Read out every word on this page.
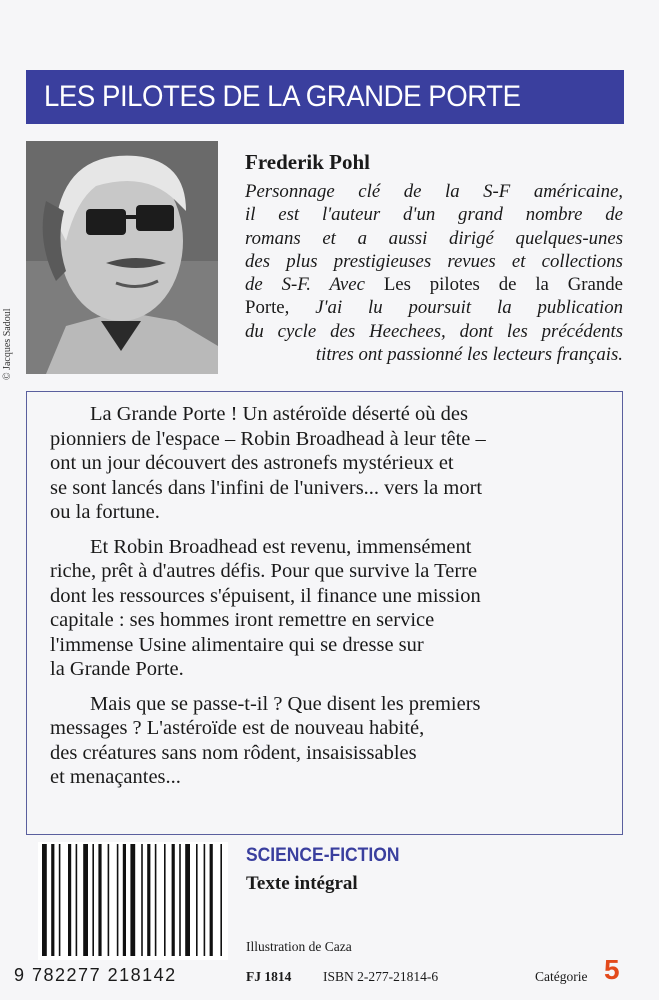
LES PILOTES DE LA GRANDE PORTE
© Jacques Sadoul
Frederik Pohl
Personnage clé de la S-F américaine,
il est l'auteur d'un grand nombre de
romans et a aussi dirigé quelques-unes
des plus prestigieuses revues et collections
de S-F. Avec Les pilotes de la Grande
Porte, J'ai lu poursuit la publication
du cycle des Heechees, dont les précédents
titres ont passionné les lecteurs français.
La Grande Porte ! Un astéroïde déserté où des
pionniers de l'espace – Robin Broadhead à leur tête –
ont un jour découvert des astronefs mystérieux et
se sont lancés dans l'infini de l'univers... vers la mort
ou la fortune.
Et Robin Broadhead est revenu, immensément
riche, prêt à d'autres défis. Pour que survive la Terre
dont les ressources s'épuisent, il finance une mission
capitale : ses hommes iront remettre en service
l'immense Usine alimentaire qui se dresse sur
la Grande Porte.
Mais que se passe-t-il ? Que disent les premiers
messages ? L'astéroïde est de nouveau habité,
des créatures sans nom rôdent, insaisissables
et menaçantes...
9 782277 218142
SCIENCE-FICTION
Texte intégral
Illustration de Caza
FJ 1814 ISBN 2-277-21814-6	Catégorie 5
